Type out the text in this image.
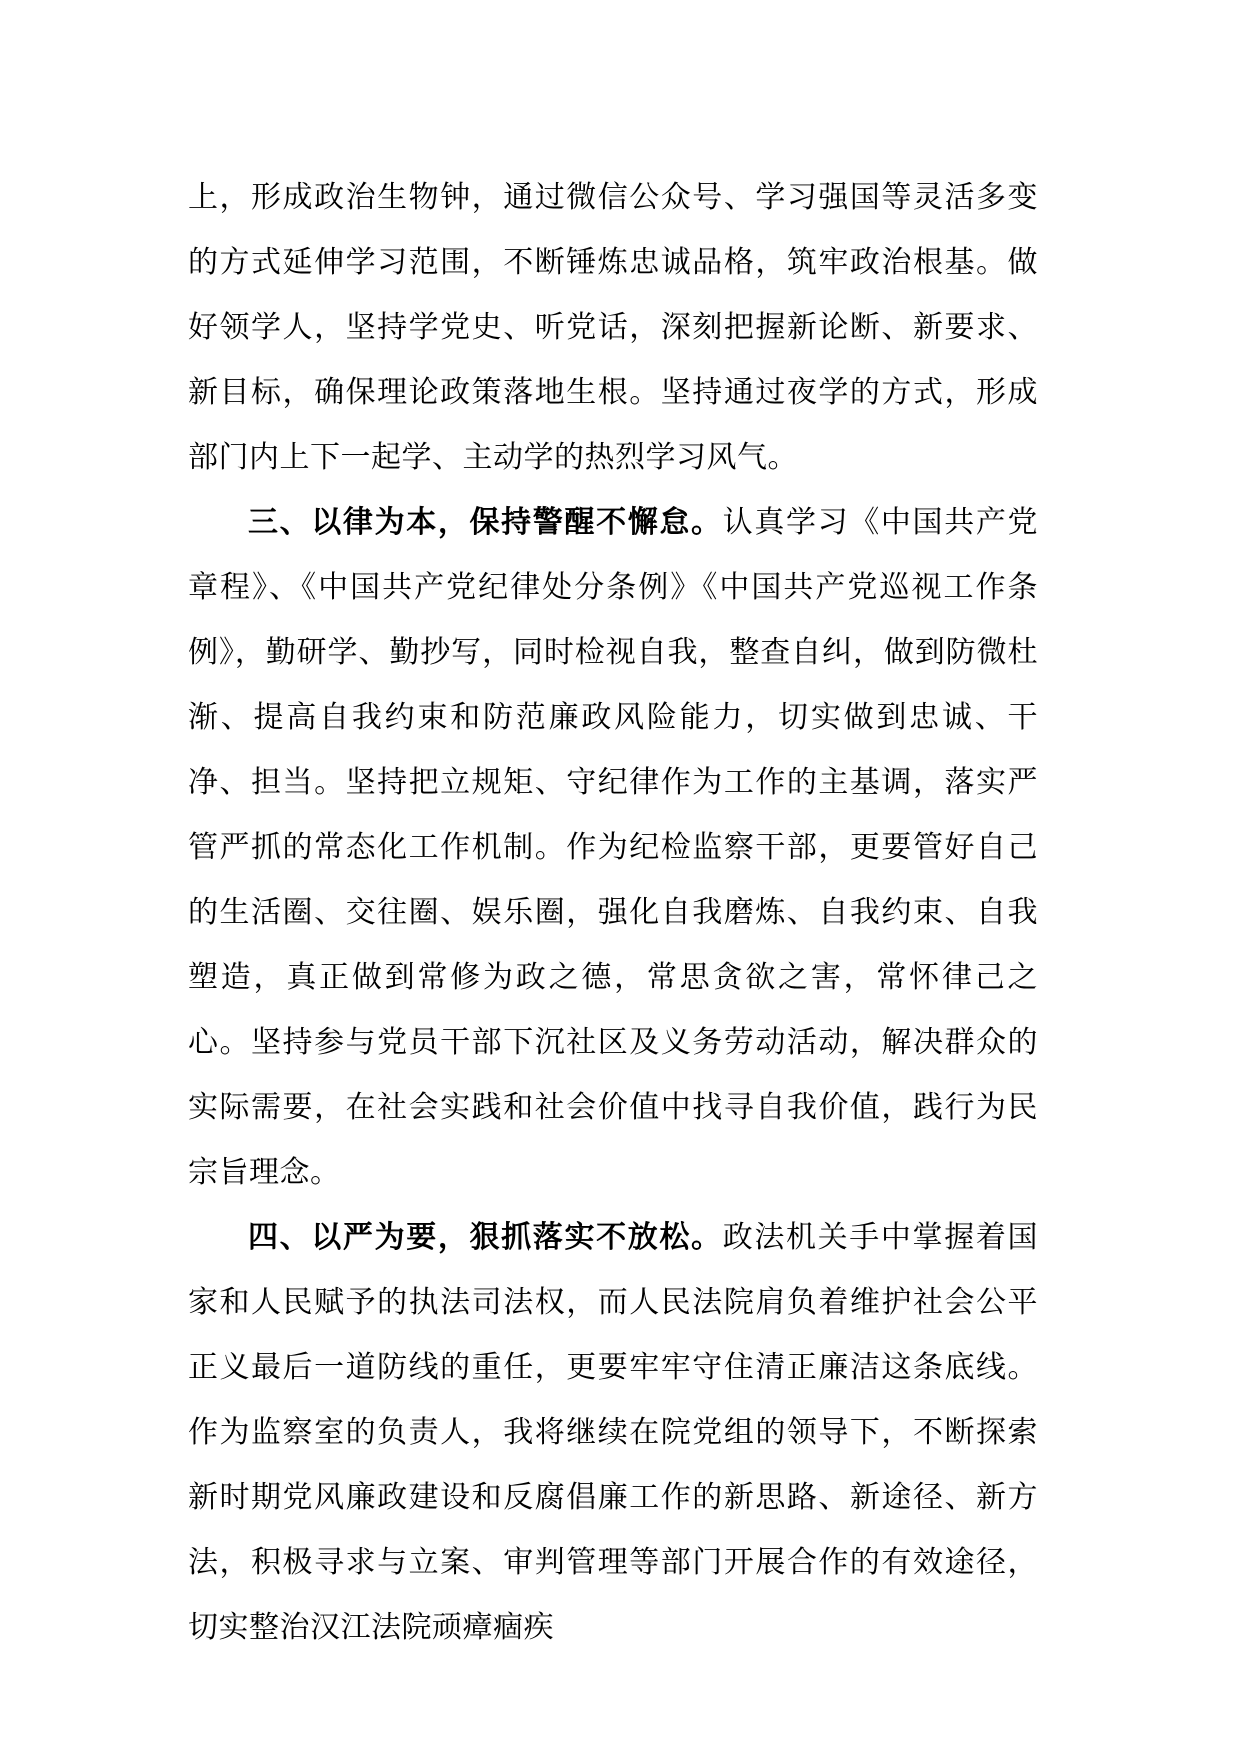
上，形成政治生物钟，通过微信公众号、学习强国等灵活多变的方式延伸学习范围，不断锤炼忠诚品格，筑牢政治根基。做好领学人，坚持学党史、听党话，深刻把握新论断、新要求、新目标，确保理论政策落地生根。坚持通过夜学的方式，形成部门内上下一起学、主动学的热烈学习风气。

三、以律为本，保持警醒不懈怠。认真学习《中国共产党章程》、《中国共产党纪律处分条例》《中国共产党巡视工作条例》，勤研学、勤抄写，同时检视自我，整查自纠，做到防微杜渐、提高自我约束和防范廉政风险能力，切实做到忠诚、干净、担当。坚持把立规矩、守纪律作为工作的主基调，落实严管严抓的常态化工作机制。作为纪检监察干部，更要管好自己的生活圈、交往圈、娱乐圈，强化自我磨炼、自我约束、自我塑造，真正做到常修为政之德，常思贪欲之害，常怀律己之心。坚持参与党员干部下沉社区及义务劳动活动，解决群众的实际需要，在社会实践和社会价值中找寻自我价值，践行为民宗旨理念。

四、以严为要，狠抓落实不放松。政法机关手中掌握着国家和人民赋予的执法司法权，而人民法院肩负着维护社会公平正义最后一道防线的重任，更要牢牢守住清正廉洁这条底线。作为监察室的负责人，我将继续在院党组的领导下，不断探索新时期党风廉政建设和反腐倡廉工作的新思路、新途径、新方法，积极寻求与立案、审判管理等部门开展合作的有效途径，切实整治汉江法院顽瘴痼疾
